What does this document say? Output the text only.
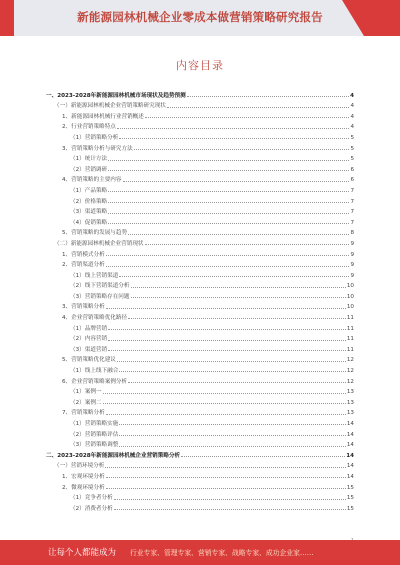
新能源园林机械企业零成本做营销策略研究报告
内容目录
一、2023-2028年新能源园林机械市场现状及趋势预测	4
（一）新能源园林机械企业营销策略研究现状	4
1、新能源园林机械行业营销概述	4
2、行业营销策略特点	4
（1）营销策略分析	5
3、营销策略分析与研究方法	5
（1）统计方法	5
（2）营销调研	6
4、营销策略的主要内容	6
（1）产品策略	7
（2）价格策略	7
（3）渠道策略	7
（4）促销策略	7
5、营销策略的发展与趋势	8
（二）新能源园林机械企业营销现状	9
1、营销模式分析	9
2、营销渠道分析	9
（1）线上营销渠道	9
（2）线下营销渠道分析	10
（3）营销策略存在问题	10
3、营销策略分析	10
4、企业营销策略优化路径	11
（1）品牌营销	11
（2）内容营销	11
（3）渠道营销	11
5、营销策略优化建议	12
（1）线上线下融合	12
6、企业营销策略案例分析	12
（1）案例一	13
（2）案例二	13
7、营销策略分析	13
（1）营销策略实施	14
（2）营销策略评估	14
（3）营销策略调整	14
二、2023-2028年新能源园林机械企业营销策略分析	14
（一）营销环境分析	14
1、宏观环境分析	14
2、微观环境分析	15
（1）竞争者分析	15
（2）消费者分析	15
让每个人都能成为 行业专家、管理专家、营销专家、战略专家、成功企业家……
